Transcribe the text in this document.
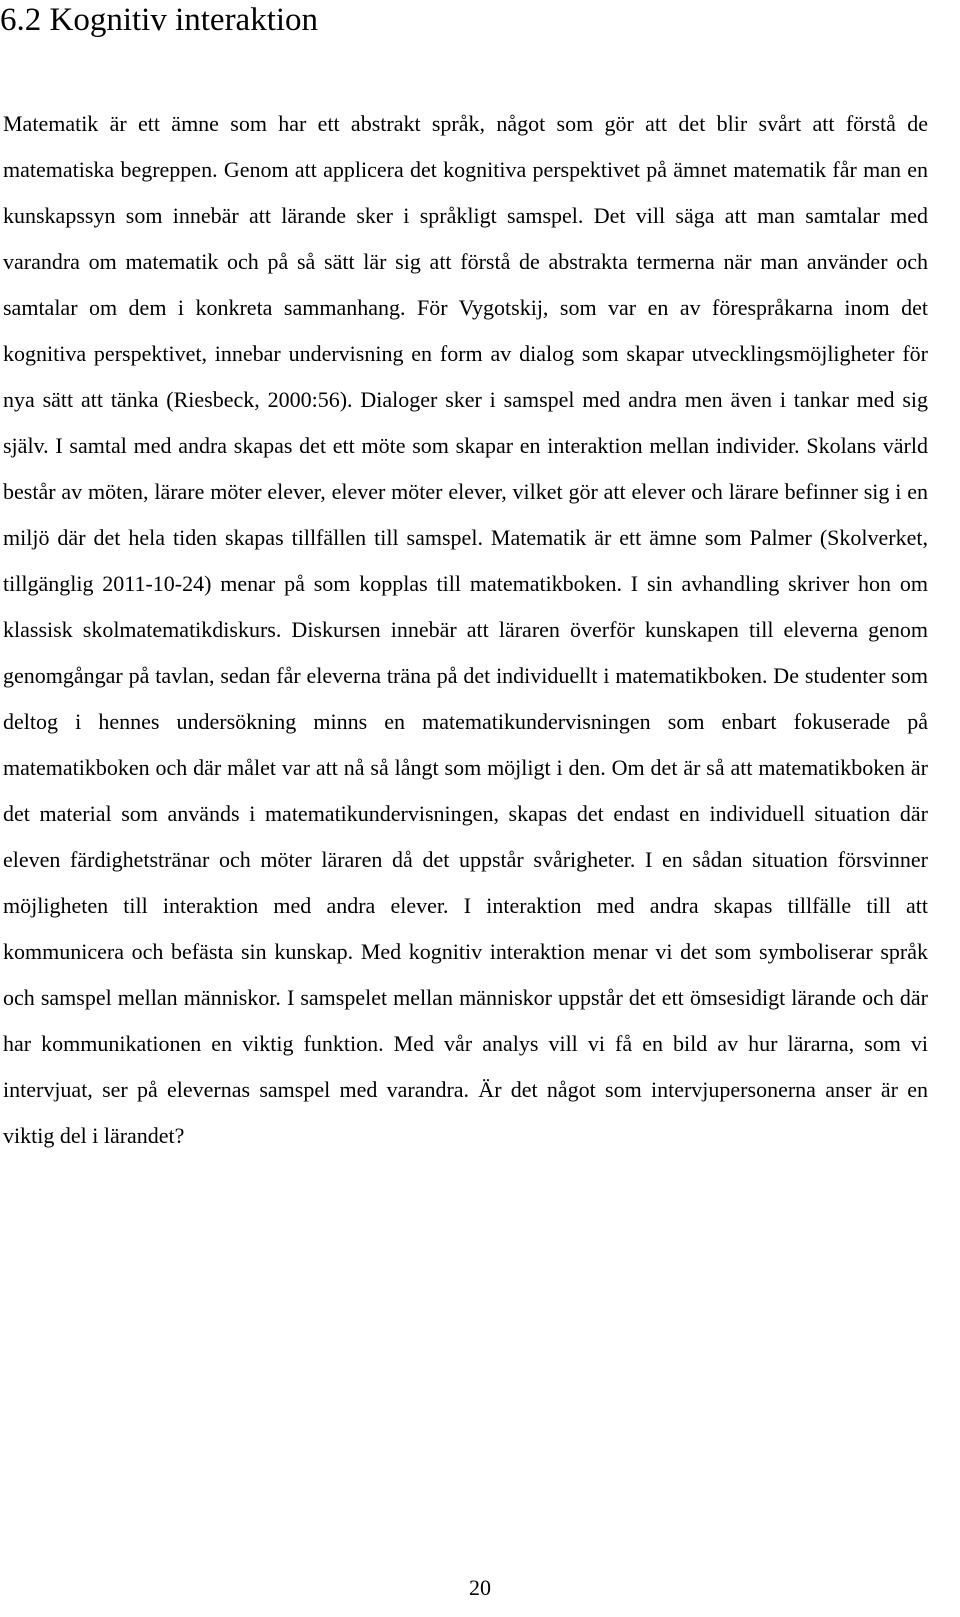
6.2 Kognitiv interaktion

Matematik är ett ämne som har ett abstrakt språk, något som gör att det blir svårt att förstå de matematiska begreppen. Genom att applicera det kognitiva perspektivet på ämnet matematik får man en kunskapssyn som innebär att lärande sker i språkligt samspel. Det vill säga att man samtalar med varandra om matematik och på så sätt lär sig att förstå de abstrakta termerna när man använder och samtalar om dem i konkreta sammanhang. För Vygotskij, som var en av förespråkarna inom det kognitiva perspektivet, innebar undervisning en form av dialog som skapar utvecklingsmöjligheter för nya sätt att tänka (Riesbeck, 2000:56). Dialoger sker i samspel med andra men även i tankar med sig själv. I samtal med andra skapas det ett möte som skapar en interaktion mellan individer. Skolans värld består av möten, lärare möter elever, elever möter elever, vilket gör att elever och lärare befinner sig i en miljö där det hela tiden skapas tillfällen till samspel. Matematik är ett ämne som Palmer (Skolverket, tillgänglig 2011-10-24) menar på som kopplas till matematikboken. I sin avhandling skriver hon om klassisk skolmatematikdiskurs. Diskursen innebär att läraren överför kunskapen till eleverna genom genomgångar på tavlan, sedan får eleverna träna på det individuellt i matematikboken. De studenter som deltog i hennes undersökning minns en matematikundervisningen som enbart fokuserade på matematikboken och där målet var att nå så långt som möjligt i den. Om det är så att matematikboken är det material som används i matematikundervisningen, skapas det endast en individuell situation där eleven färdighetstränar och möter läraren då det uppstår svårigheter. I en sådan situation försvinner möjligheten till interaktion med andra elever. I interaktion med andra skapas tillfälle till att kommunicera och befästa sin kunskap. Med kognitiv interaktion menar vi det som symboliserar språk och samspel mellan människor. I samspelet mellan människor uppstår det ett ömsesidigt lärande och där har kommunikationen en viktig funktion. Med vår analys vill vi få en bild av hur lärarna, som vi intervjuat, ser på elevernas samspel med varandra. Är det något som intervjupersonerna anser är en viktig del i lärandet?

20
